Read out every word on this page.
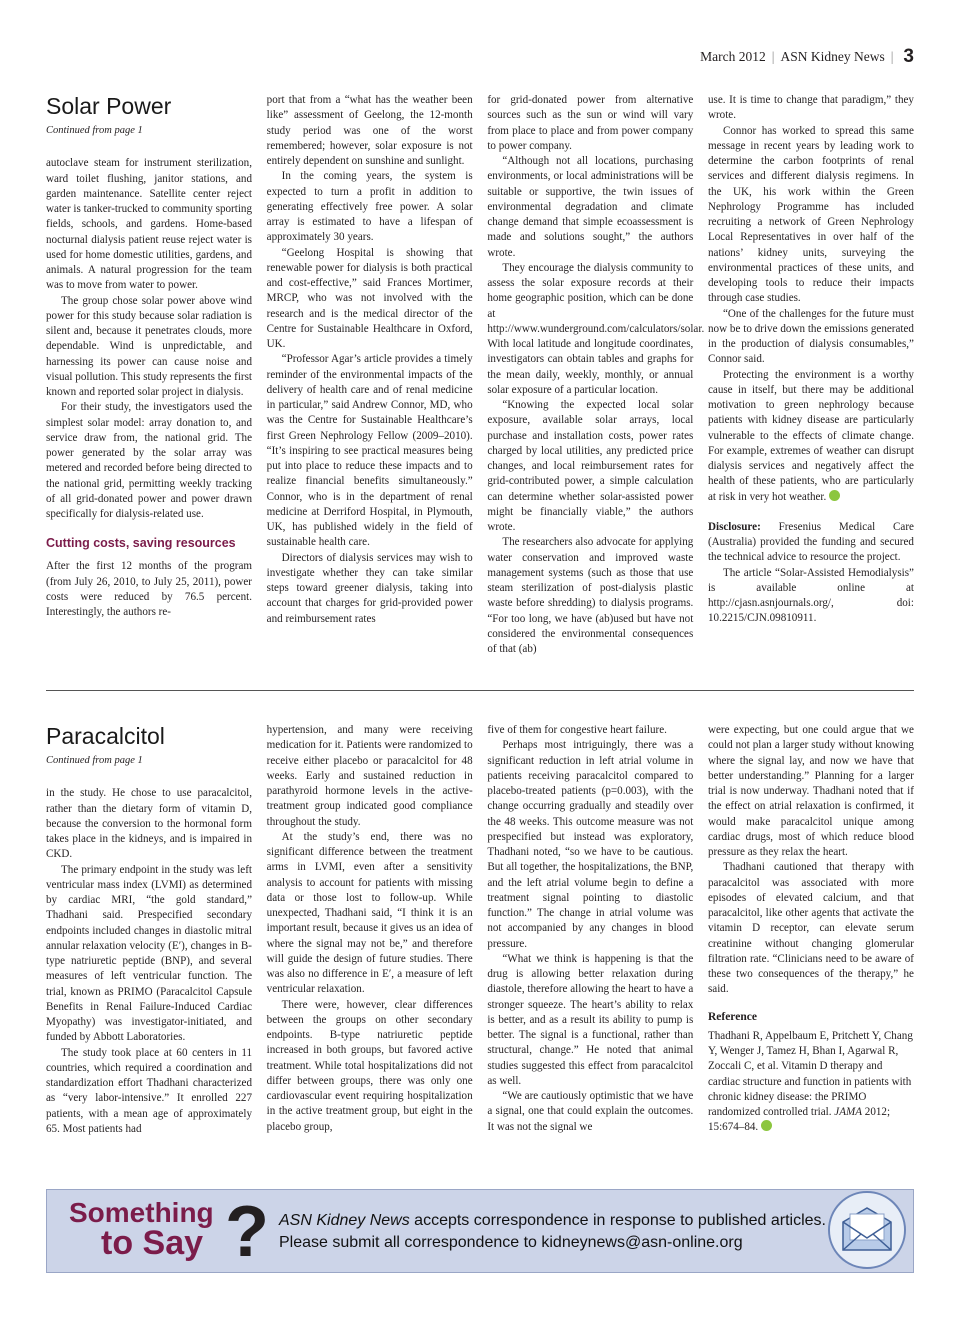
March 2012 | ASN Kidney News | 3
Solar Power
Continued from page 1

autoclave steam for instrument sterilization, ward toilet flushing, janitor stations, and garden maintenance. Satellite center reject water is tanker-trucked to community sporting fields, schools, and gardens. Home-based nocturnal dialysis patient reuse reject water is used for home domestic utilities, gardens, and animals. A natural progression for the team was to move from water to power.

The group chose solar power above wind power for this study because solar radiation is silent and, because it penetrates clouds, more dependable. Wind is unpredictable, and harnessing its power can cause noise and visual pollution. This study represents the first known and reported solar project in dialysis.

For their study, the investigators used the simplest solar model: array donation to, and service draw from, the national grid. The power generated by the solar array was metered and recorded before being directed to the national grid, permitting weekly tracking of all grid-donated power and power drawn specifically for dialysis-related use.

Cutting costs, saving resources

After the first 12 months of the program (from July 26, 2010, to July 25, 2011), power costs were reduced by 76.5 percent. Interestingly, the authors re-

port that from a “what has the weather been like” assessment of Geelong, the 12-month study period was one of the worst remembered; however, solar exposure is not entirely dependent on sunshine and sunlight.

In the coming years, the system is expected to turn a profit in addition to generating effectively free power. A solar array is estimated to have a lifespan of approximately 30 years.

“Geelong Hospital is showing that renewable power for dialysis is both practical and cost-effective,” said Frances Mortimer, MRCP, who was not involved with the research and is the medical director of the Centre for Sustainable Healthcare in Oxford, UK.

“Professor Agar’s article provides a timely reminder of the environmental impacts of the delivery of health care and of renal medicine in particular,” said Andrew Connor, MD, who was the Centre for Sustainable Healthcare’s first Green Nephrology Fellow (2009–2010). “It’s inspiring to see practical measures being put into place to reduce these impacts and to realize financial benefits simultaneously.” Connor, who is in the department of renal medicine at Derriford Hospital, in Plymouth, UK, has published widely in the field of sustainable health care.

Directors of dialysis services may wish to investigate whether they can take similar steps toward greener dialysis, taking into account that charges for grid-provided power and reimbursement rates

for grid-donated power from alternative sources such as the sun or wind will vary from place to place and from power company to power company.

“Although not all locations, purchasing environments, or local administrations will be suitable or supportive, the twin issues of environmental degradation and climate change demand that simple ecoassessment is made and solutions sought,” the authors wrote.

They encourage the dialysis community to assess the solar exposure records at their home geographic position, which can be done at http://www.wunderground.com/calculators/solar. With local latitude and longitude coordinates, investigators can obtain tables and graphs for the mean daily, weekly, monthly, or annual solar exposure of a particular location.

“Knowing the expected local solar exposure, available solar arrays, local purchase and installation costs, power rates charged by local utilities, any predicted price changes, and local reimbursement rates for grid-contributed power, a simple calculation can determine whether solar-assisted power might be financially viable,” the authors wrote.

The researchers also advocate for applying water conservation and improved waste management systems (such as those that use steam sterilization of post-dialysis plastic waste before shredding) to dialysis programs. “For too long, we have (ab)used but have not considered the environmental consequences of that (ab)

use. It is time to change that paradigm,” they wrote.

Connor has worked to spread this same message in recent years by leading work to determine the carbon footprints of renal services and different dialysis regimens. In the UK, his work within the Green Nephrology Programme has included recruiting a network of Green Nephrology Local Representatives in over half of the nations’ kidney units, surveying the environmental practices of these units, and developing tools to reduce their impacts through case studies.

“One of the challenges for the future must now be to drive down the emissions generated in the production of dialysis consumables,” Connor said.

Protecting the environment is a worthy cause in itself, but there may be additional motivation to green nephrology because patients with kidney disease are particularly vulnerable to the effects of climate change. For example, extremes of weather can disrupt dialysis services and negatively affect the health of these patients, who are particularly at risk in very hot weather.

Disclosure: Fresenius Medical Care (Australia) provided the funding and secured the technical advice to resource the project.

The article “Solar-Assisted Hemodialysis” is available online at http://cjasn.asnjournals.org/, doi: 10.2215/CJN.09810911.

Paracalcitol
Continued from page 1

in the study. He chose to use paracalcitol, rather than the dietary form of vitamin D, because the conversion to the hormonal form takes place in the kidneys, and is impaired in CKD.

The primary endpoint in the study was left ventricular mass index (LVMI) as determined by cardiac MRI, “the gold standard,” Thadhani said. Prespecified secondary endpoints included changes in diastolic mitral annular relaxation velocity (E′), changes in B-type natriuretic peptide (BNP), and several measures of left ventricular function. The trial, known as PRIMO (Paracalcitol Capsule Benefits in Renal Failure-Induced Cardiac Myopathy) was investigator-initiated, and funded by Abbott Laboratories.

The study took place at 60 centers in 11 countries, which required a coordination and standardization effort Thadhani characterized as “very labor-intensive.” It enrolled 227 patients, with a mean age of approximately 65. Most patients had

hypertension, and many were receiving medication for it. Patients were randomized to receive either placebo or paracalcitol for 48 weeks. Early and sustained reduction in parathyroid hormone levels in the active-treatment group indicated good compliance throughout the study.

At the study’s end, there was no significant difference between the treatment arms in LVMI, even after a sensitivity analysis to account for patients with missing data or those lost to follow-up. While unexpected, Thadhani said, “I think it is an important result, because it gives us an idea of where the signal may not be,” and therefore will guide the design of future studies. There was also no difference in E′, a measure of left ventricular relaxation.

There were, however, clear differences between the groups on other secondary endpoints. B-type natriuretic peptide increased in both groups, but favored active treatment. While total hospitalizations did not differ between groups, there was only one cardiovascular event requiring hospitalization in the active treatment group, but eight in the placebo group,

five of them for congestive heart failure.

Perhaps most intriguingly, there was a significant reduction in left atrial volume in patients receiving paracalcitol compared to placebo-treated patients (p=0.003), with the change occurring gradually and steadily over the 48 weeks. This outcome measure was not prespecified but instead was exploratory, Thadhani noted, “so we have to be cautious. But all together, the hospitalizations, the BNP, and the left atrial volume begin to define a treatment signal pointing to diastolic function.” The change in atrial volume was not accompanied by any changes in blood pressure.

“What we think is happening is that the drug is allowing better relaxation during diastole, therefore allowing the heart to have a stronger squeeze. The heart’s ability to relax is better, and as a result its ability to pump is better. The signal is a functional, rather than structural, change.” He noted that animal studies suggested this effect from paracalcitol as well.

“We are cautiously optimistic that we have a signal, one that could explain the outcomes. It was not the signal we

were expecting, but one could argue that we could not plan a larger study without knowing where the signal lay, and now we have that better understanding.” Planning for a larger trial is now underway. Thadhani noted that if the effect on atrial relaxation is confirmed, it would make paracalcitol unique among cardiac drugs, most of which reduce blood pressure as they relax the heart.

Thadhani cautioned that therapy with paracalcitol was associated with more episodes of elevated calcium, and that paracalcitol, like other agents that activate the vitamin D receptor, can elevate serum creatinine without changing glomerular filtration rate. “Clinicians need to be aware of these two consequences of the therapy,” he said.

Reference

Thadhani R, Appelbaum E, Pritchett Y, Chang Y, Wenger J, Tamez H, Bhan I, Agarwal R, Zoccali C, et al. Vitamin D therapy and cardiac structure and function in patients with chronic kidney disease: the PRIMO randomized controlled trial. JAMA 2012; 15:674–84.

Something
to Say ? ASN Kidney News accepts correspondence in response to published articles. Please submit all correspondence to kidneynews@asn-online.org
